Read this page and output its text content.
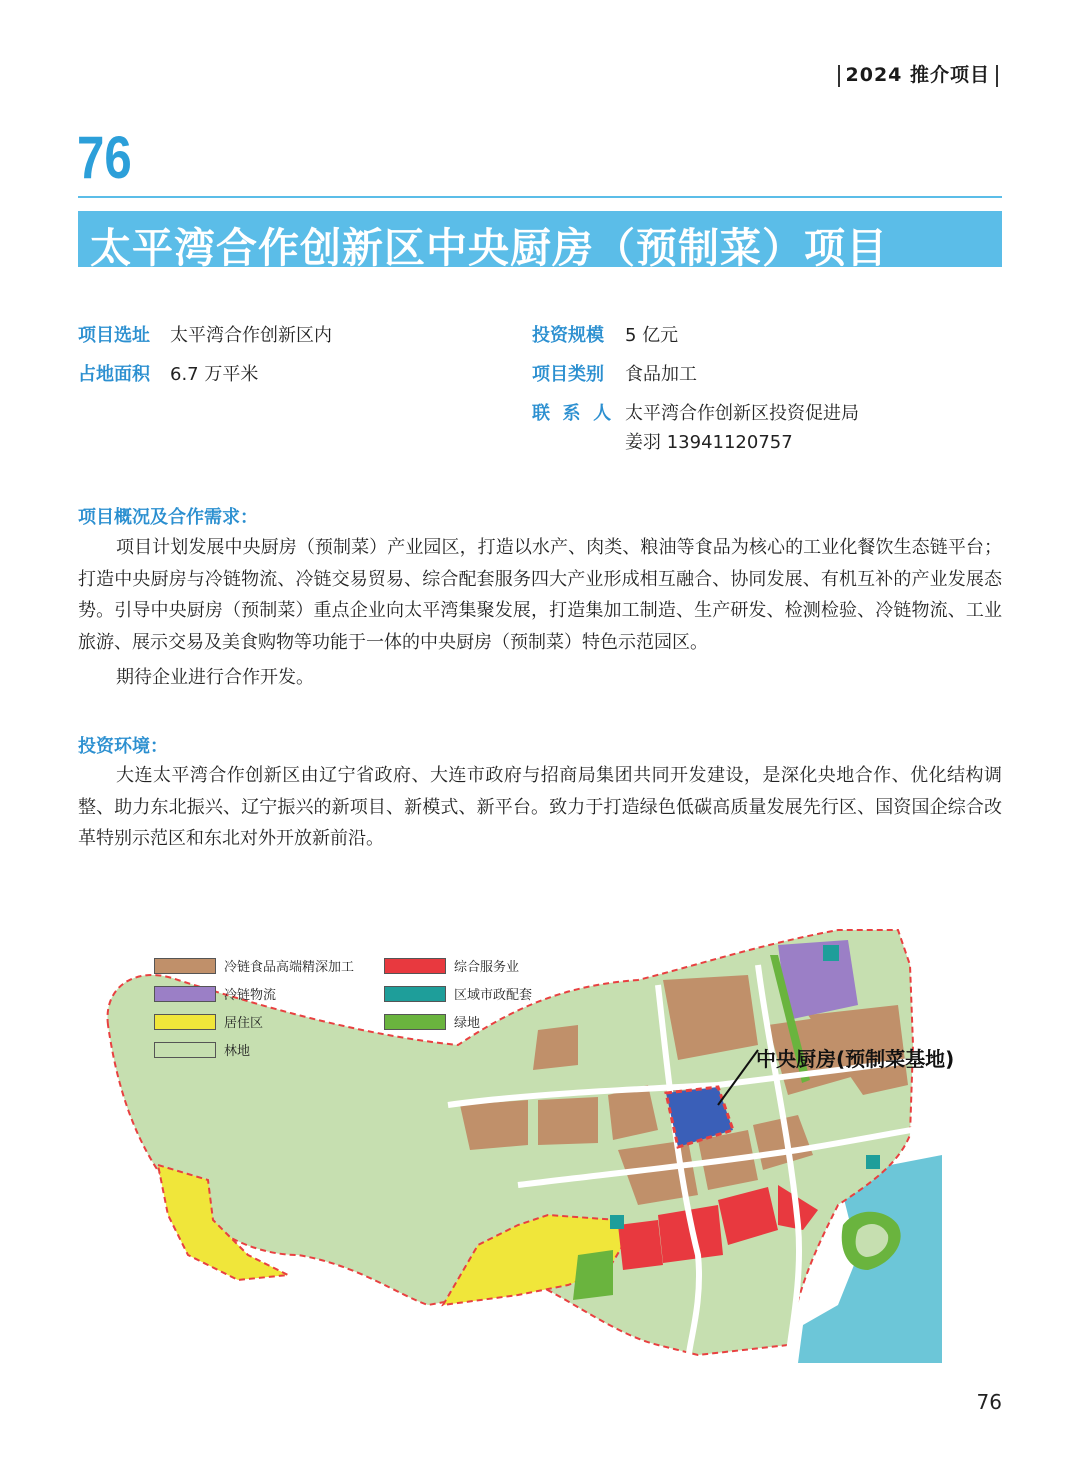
2024 推介项目
76
太平湾合作创新区中央厨房（预制菜）项目
项目选址 太平湾合作创新区内
占地面积 6.7 万平米
投资规模 5 亿元
项目类别 食品加工
联  系  人 太平湾合作创新区投资促进局
姜羽 13941120757
项目概况及合作需求：
项目计划发展中央厨房（预制菜）产业园区，打造以水产、肉类、粮油等食品为核心的工业化餐饮生态链平台；打造中央厨房与冷链物流、冷链交易贸易、综合配套服务四大产业形成相互融合、协同发展、有机互补的产业发展态势。引导中央厨房（预制菜）重点企业向太平湾集聚发展，打造集加工制造、生产研发、检测检验、冷链物流、工业旅游、展示交易及美食购物等功能于一体的中央厨房（预制菜）特色示范园区。
期待企业进行合作开发。
投资环境：
大连太平湾合作创新区由辽宁省政府、大连市政府与招商局集团共同开发建设，是深化央地合作、优化结构调整、助力东北振兴、辽宁振兴的新项目、新模式、新平台。致力于打造绿色低碳高质量发展先行区、国资国企综合改革特别示范区和东北对外开放新前沿。
冷链食品高端精深加工	综合服务业
冷链物流	区域市政配套
居住区	绿地
林地	中央厨房(预制菜基地)
76
